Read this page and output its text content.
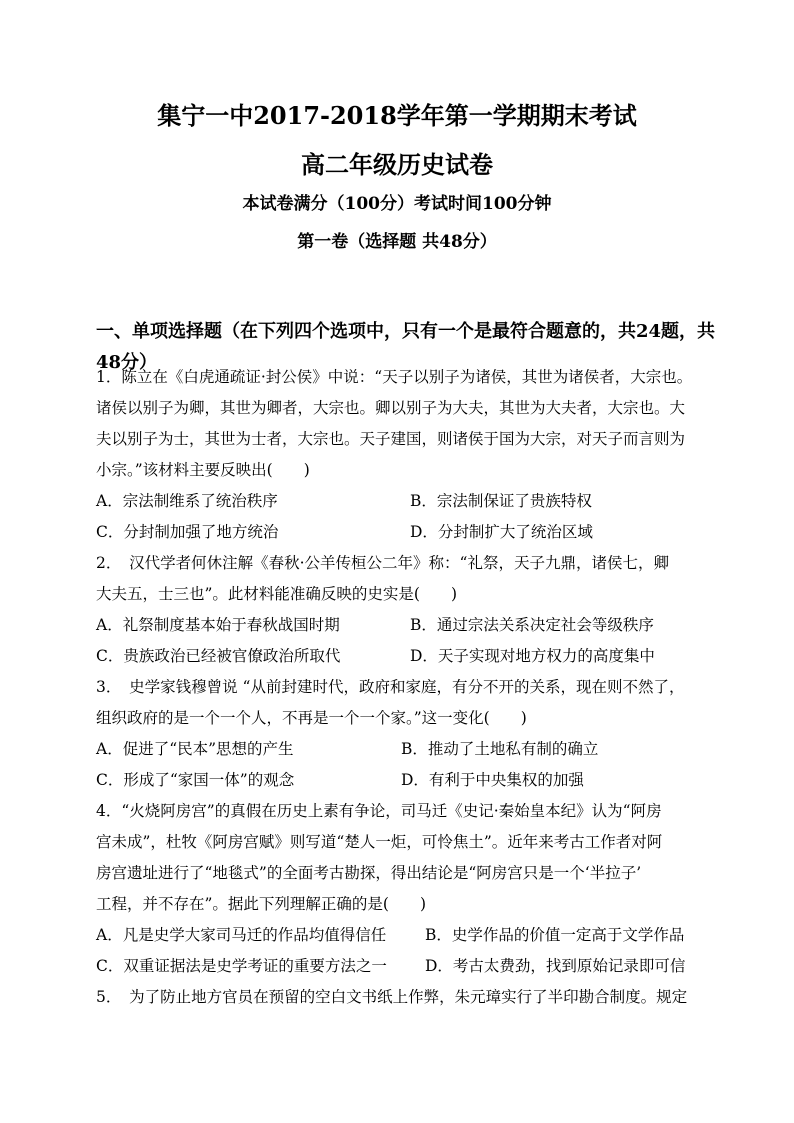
集宁一中2017-2018学年第一学期期末考试
高二年级历史试卷
本试卷满分（100分）考试时间100分钟
第一卷（选择题 共48分）
一、单项选择题（在下列四个选项中，只有一个是最符合题意的，共24题，共48分）
1．陈立在《白虎通疏证·封公侯》中说：“天子以别子为诸侯，其世为诸侯者，大宗也。
诸侯以别子为卿，其世为卿者，大宗也。卿以别子为大夫，其世为大夫者，大宗也。大
夫以别子为士，其世为士者，大宗也。天子建国，则诸侯于国为大宗，对天子而言则为
小宗。”该材料主要反映出(　　)
A．宗法制维系了统治秩序	B．宗法制保证了贵族特权
C．分封制加强了地方统治	D．分封制扩大了统治区域
2．　汉代学者何休注解《春秋·公羊传桓公二年》称：“礼祭，天子九鼎，诸侯七，卿
大夫五，士三也”。此材料能准确反映的史实是(　　)
A．礼祭制度基本始于春秋战国时期	B．通过宗法关系决定社会等级秩序
C．贵族政治已经被官僚政治所取代	D．天子实现对地方权力的高度集中
3．　史学家钱穆曾说 “从前封建时代，政府和家庭，有分不开的关系，现在则不然了，
组织政府的是一个一个人，不再是一个一个家。”这一变化(　　)
A．促进了“民本”思想的产生	B．推动了土地私有制的确立
C．形成了“家国一体”的观念	D．有利于中央集权的加强
4．“火烧阿房宫”的真假在历史上素有争论，司马迁《史记·秦始皇本纪》认为“阿房
宫未成”，杜牧《阿房宫赋》则写道“楚人一炬，可怜焦土”。近年来考古工作者对阿
房宫遗址进行了“地毯式”的全面考古勘探，得出结论是“阿房宫只是一个‘半拉子’
工程，并不存在”。据此下列理解正确的是(　　)
A．凡是史学大家司马迁的作品均值得信任	B．史学作品的价值一定高于文学作品
C．双重证据法是史学考证的重要方法之一 D．考古太费劲，找到原始记录即可信
5．　为了防止地方官员在预留的空白文书纸上作弊，朱元璋实行了半印勘合制度。规定
